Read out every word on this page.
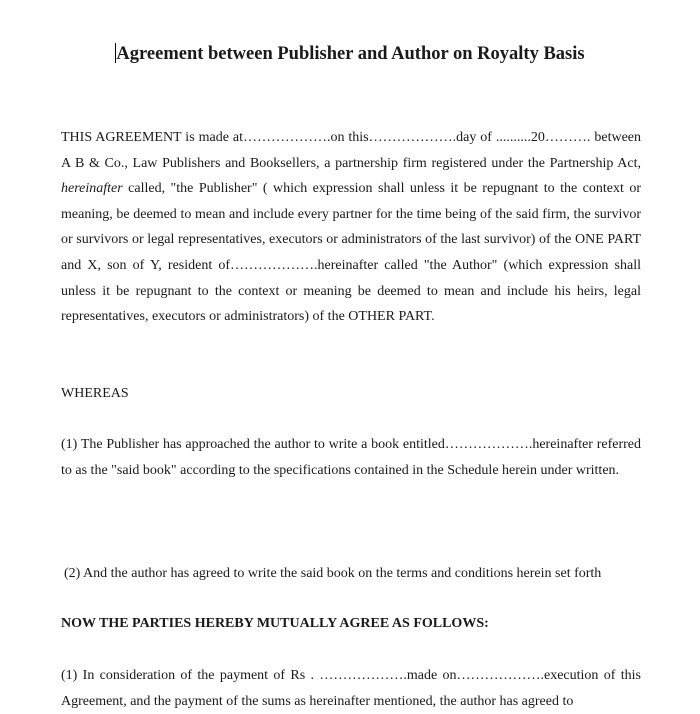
Agreement between Publisher and Author on Royalty Basis

THIS AGREEMENT is made at……………….on this……………….day of ..........20………. between A B & Co., Law Publishers and Booksellers, a partnership firm registered under the Partnership Act, hereinafter called, "the Publisher" ( which expression shall unless it be repugnant to the context or meaning, be deemed to mean and include every partner for the time being of the said firm, the survivor or survivors or legal representatives, executors or administrators of the last survivor) of the ONE PART and X, son of Y, resident of……………….hereinafter called "the Author" (which expression shall unless it be repugnant to the context or meaning be deemed to mean and include his heirs, legal representatives, executors or administrators) of the OTHER PART.

WHEREAS

(1) The Publisher has approached the author to write a book entitled……………….hereinafter referred to as the "said book" according to the specifications contained in the Schedule herein under written.

(2) And the author has agreed to write the said book on the terms and conditions herein set forth

NOW THE PARTIES HEREBY MUTUALLY AGREE AS FOLLOWS:

(1) In consideration of the payment of Rs . ……………….made on……………….execution of this Agreement, and the payment of the sums as hereinafter mentioned, the author has agreed to
